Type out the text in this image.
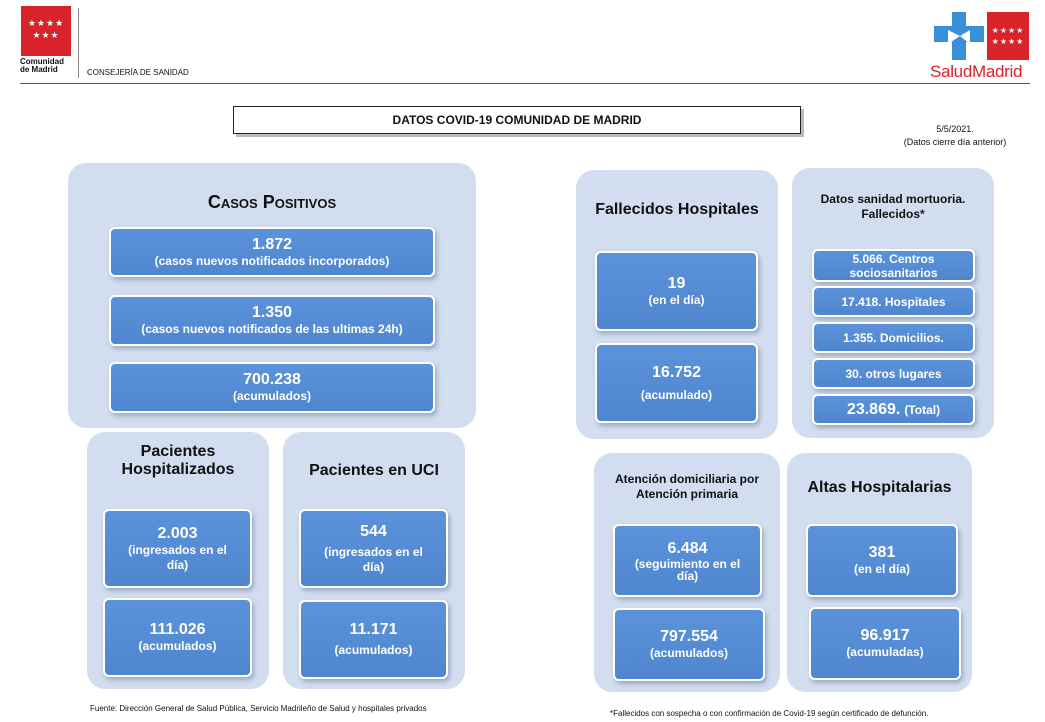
★★★★
★★★
Comunidad
de Madrid	CONSEJERÍA DE SANIDAD
★★★★
★★★★
SaludMadrid
DATOS COVID-19 COMUNIDAD DE MADRID
5/5/2021.
(Datos cierre día anterior)
Casos Positivos
1.872
(casos nuevos notificados incorporados)
1.350
(casos nuevos notificados de las ultimas 24h)
700.238
(acumulados)
Pacientes Hospitalizados
2.003
(ingresados en el día)
111.026
(acumulados)
Pacientes en UCI
544
(ingresados en el día)
11.171
(acumulados)
Fallecidos Hospitales
19
(en el día)
16.752
(acumulado)
Datos sanidad mortuoria. Fallecidos*
5.066. Centros sociosanitarios
17.418. Hospitales
1.355. Domicilios.
30. otros lugares
23.869. (Total)
Atención domiciliaria por Atención primaria
6.484
(seguimiento en el día)
797.554
(acumulados)
Altas Hospitalarias
381
(en el día)
96.917
(acumuladas)
Fuente: Dirección General de Salud Pública, Servicio Madrileño de Salud y hospitales privados
*Fallecidos con sospecha o con confirmación de Covid-19 según certificado de defunción.
